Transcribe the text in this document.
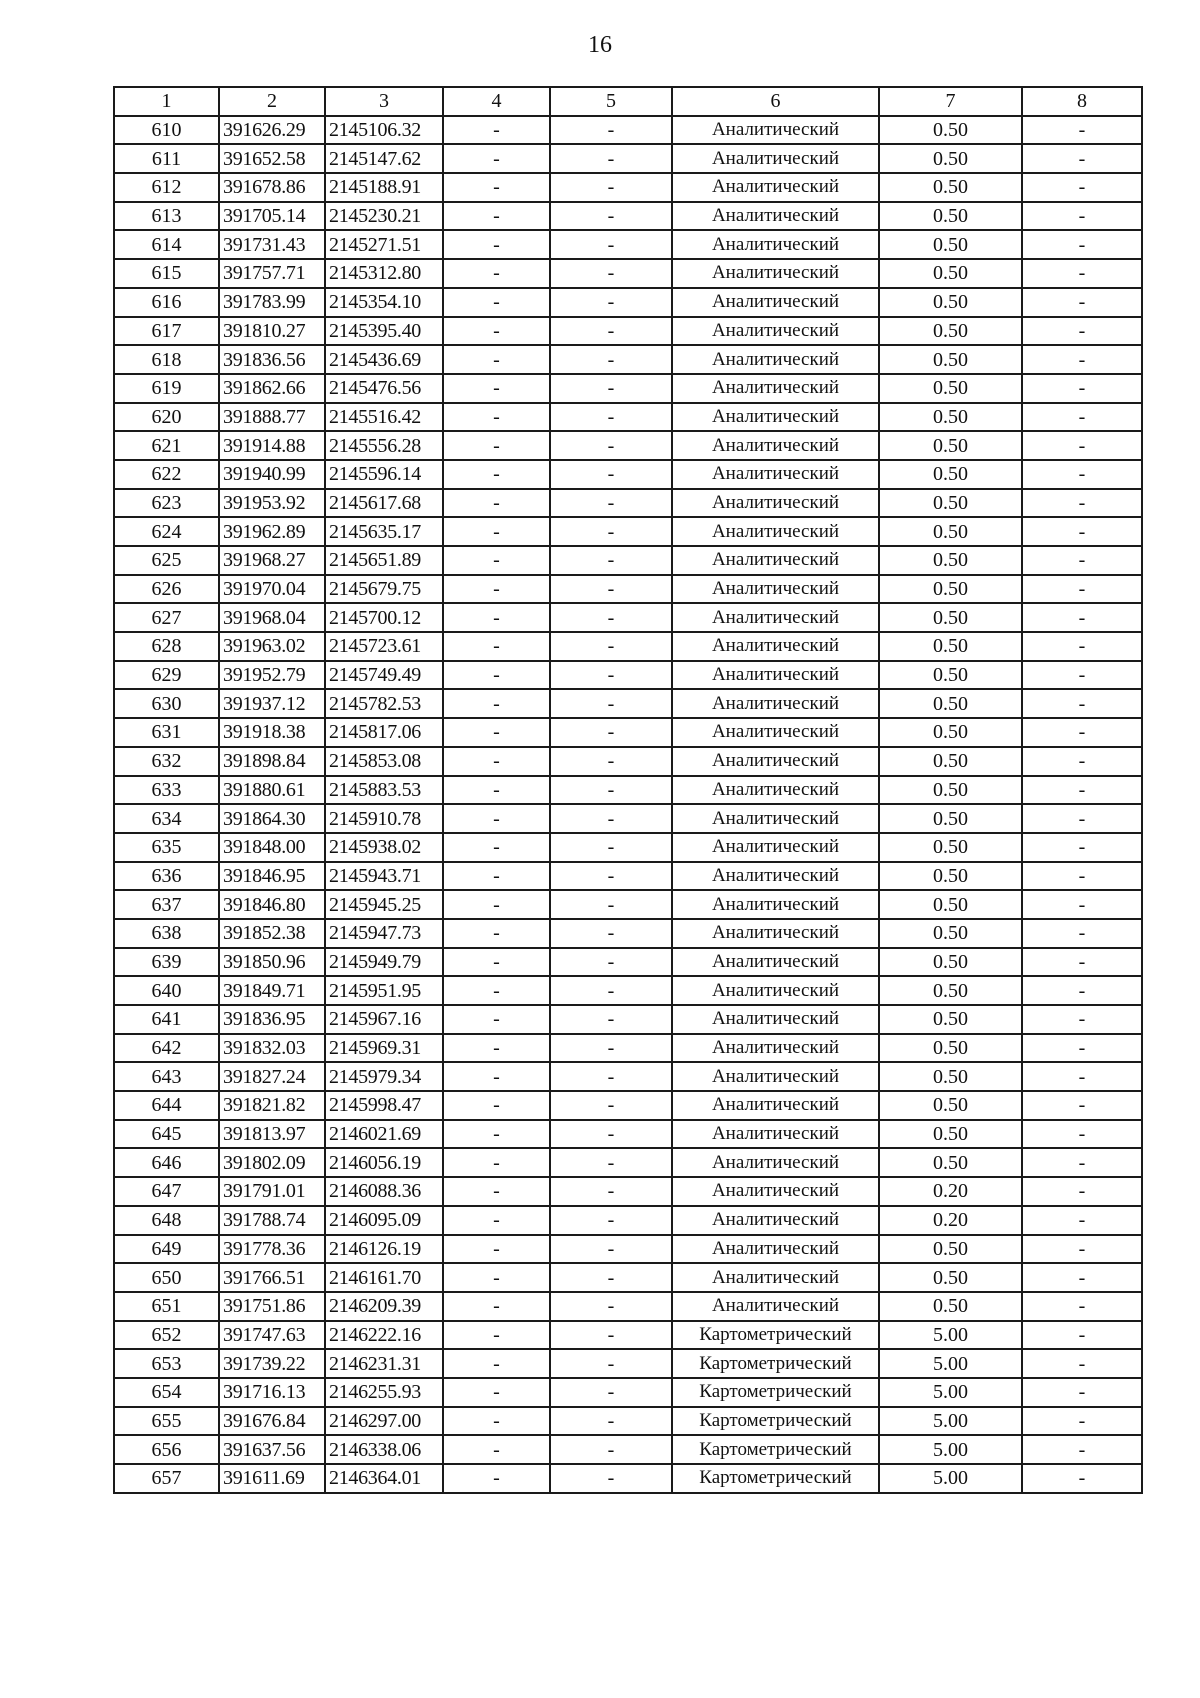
16
1	2	3	4	5	6	7	8
610	391626.29	2145106.32	-	-	Аналитический	0.50	-
611	391652.58	2145147.62	-	-	Аналитический	0.50	-
612	391678.86	2145188.91	-	-	Аналитический	0.50	-
613	391705.14	2145230.21	-	-	Аналитический	0.50	-
614	391731.43	2145271.51	-	-	Аналитический	0.50	-
615	391757.71	2145312.80	-	-	Аналитический	0.50	-
616	391783.99	2145354.10	-	-	Аналитический	0.50	-
617	391810.27	2145395.40	-	-	Аналитический	0.50	-
618	391836.56	2145436.69	-	-	Аналитический	0.50	-
619	391862.66	2145476.56	-	-	Аналитический	0.50	-
620	391888.77	2145516.42	-	-	Аналитический	0.50	-
621	391914.88	2145556.28	-	-	Аналитический	0.50	-
622	391940.99	2145596.14	-	-	Аналитический	0.50	-
623	391953.92	2145617.68	-	-	Аналитический	0.50	-
624	391962.89	2145635.17	-	-	Аналитический	0.50	-
625	391968.27	2145651.89	-	-	Аналитический	0.50	-
626	391970.04	2145679.75	-	-	Аналитический	0.50	-
627	391968.04	2145700.12	-	-	Аналитический	0.50	-
628	391963.02	2145723.61	-	-	Аналитический	0.50	-
629	391952.79	2145749.49	-	-	Аналитический	0.50	-
630	391937.12	2145782.53	-	-	Аналитический	0.50	-
631	391918.38	2145817.06	-	-	Аналитический	0.50	-
632	391898.84	2145853.08	-	-	Аналитический	0.50	-
633	391880.61	2145883.53	-	-	Аналитический	0.50	-
634	391864.30	2145910.78	-	-	Аналитический	0.50	-
635	391848.00	2145938.02	-	-	Аналитический	0.50	-
636	391846.95	2145943.71	-	-	Аналитический	0.50	-
637	391846.80	2145945.25	-	-	Аналитический	0.50	-
638	391852.38	2145947.73	-	-	Аналитический	0.50	-
639	391850.96	2145949.79	-	-	Аналитический	0.50	-
640	391849.71	2145951.95	-	-	Аналитический	0.50	-
641	391836.95	2145967.16	-	-	Аналитический	0.50	-
642	391832.03	2145969.31	-	-	Аналитический	0.50	-
643	391827.24	2145979.34	-	-	Аналитический	0.50	-
644	391821.82	2145998.47	-	-	Аналитический	0.50	-
645	391813.97	2146021.69	-	-	Аналитический	0.50	-
646	391802.09	2146056.19	-	-	Аналитический	0.50	-
647	391791.01	2146088.36	-	-	Аналитический	0.20	-
648	391788.74	2146095.09	-	-	Аналитический	0.20	-
649	391778.36	2146126.19	-	-	Аналитический	0.50	-
650	391766.51	2146161.70	-	-	Аналитический	0.50	-
651	391751.86	2146209.39	-	-	Аналитический	0.50	-
652	391747.63	2146222.16	-	-	Картометрический	5.00	-
653	391739.22	2146231.31	-	-	Картометрический	5.00	-
654	391716.13	2146255.93	-	-	Картометрический	5.00	-
655	391676.84	2146297.00	-	-	Картометрический	5.00	-
656	391637.56	2146338.06	-	-	Картометрический	5.00	-
657	391611.69	2146364.01	-	-	Картометрический	5.00	-
